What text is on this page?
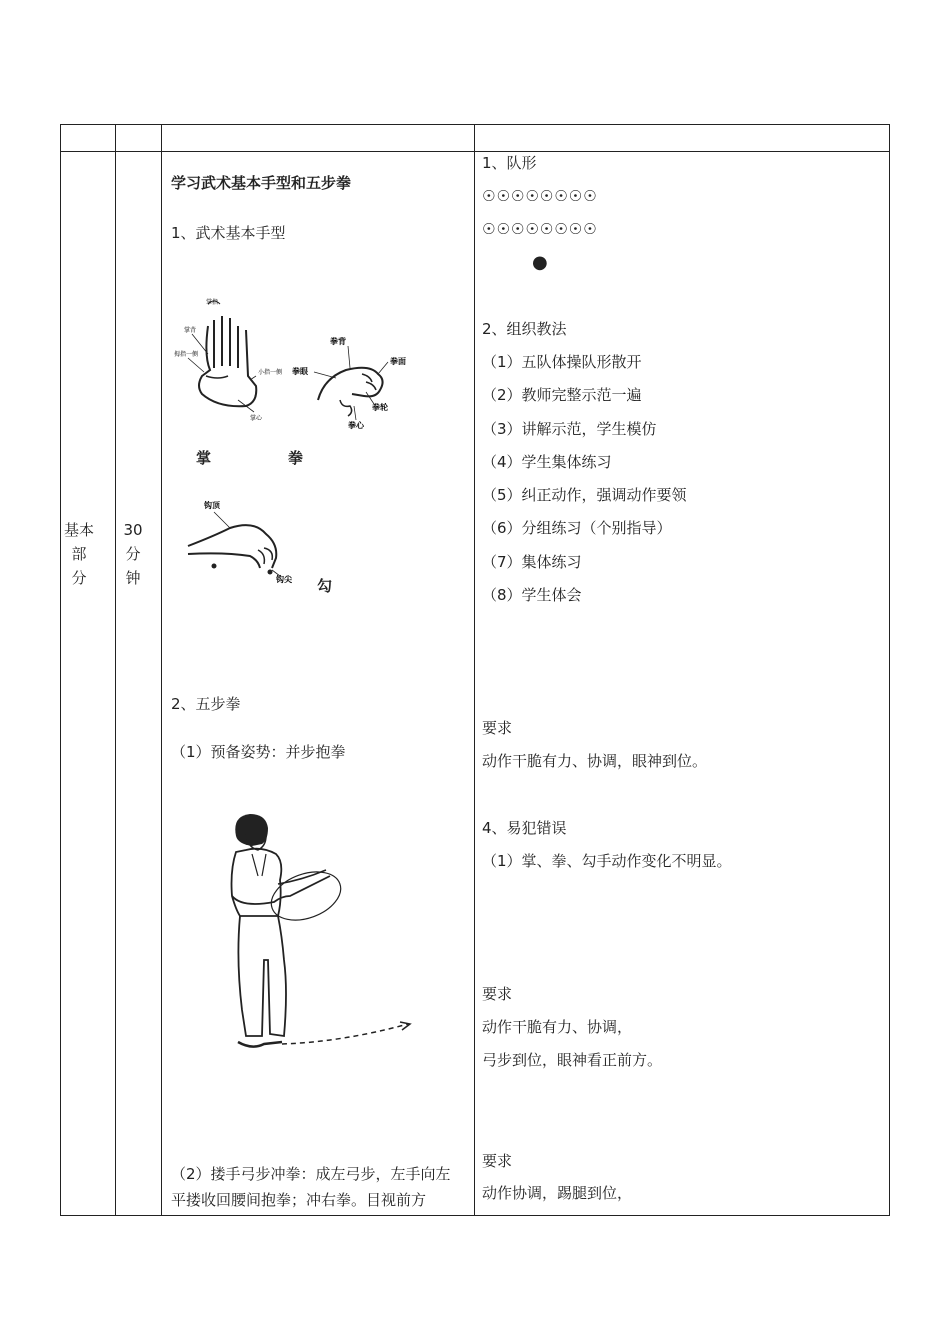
基本
部
分
30
分
钟
学习武术基本手型和五步拳
1、武术基本手型
掌指
掌背
拇指一侧
小指一侧
掌心
掌
拳背
拳眼
拳面
拳轮
拳心
拳
钩顶
钩尖 勾
2、五步拳
（1）预备姿势：并步抱拳
（2）搂手弓步冲拳：成左弓步，左手向左
平搂收回腰间抱拳；冲右拳。目视前方
1、队形
☉☉☉☉☉☉☉☉
☉☉☉☉☉☉☉☉
●
2、组织教法
（1）五队体操队形散开
（2）教师完整示范一遍
（3）讲解示范，学生模仿
（4）学生集体练习
（5）纠正动作，强调动作要领
（6）分组练习（个别指导）
（7）集体练习
（8）学生体会
要求
动作干脆有力、协调，眼神到位。
4、易犯错误
（1）掌、拳、勾手动作变化不明显。
要求
动作干脆有力、协调，
弓步到位，眼神看正前方。
要求
动作协调，踢腿到位，
